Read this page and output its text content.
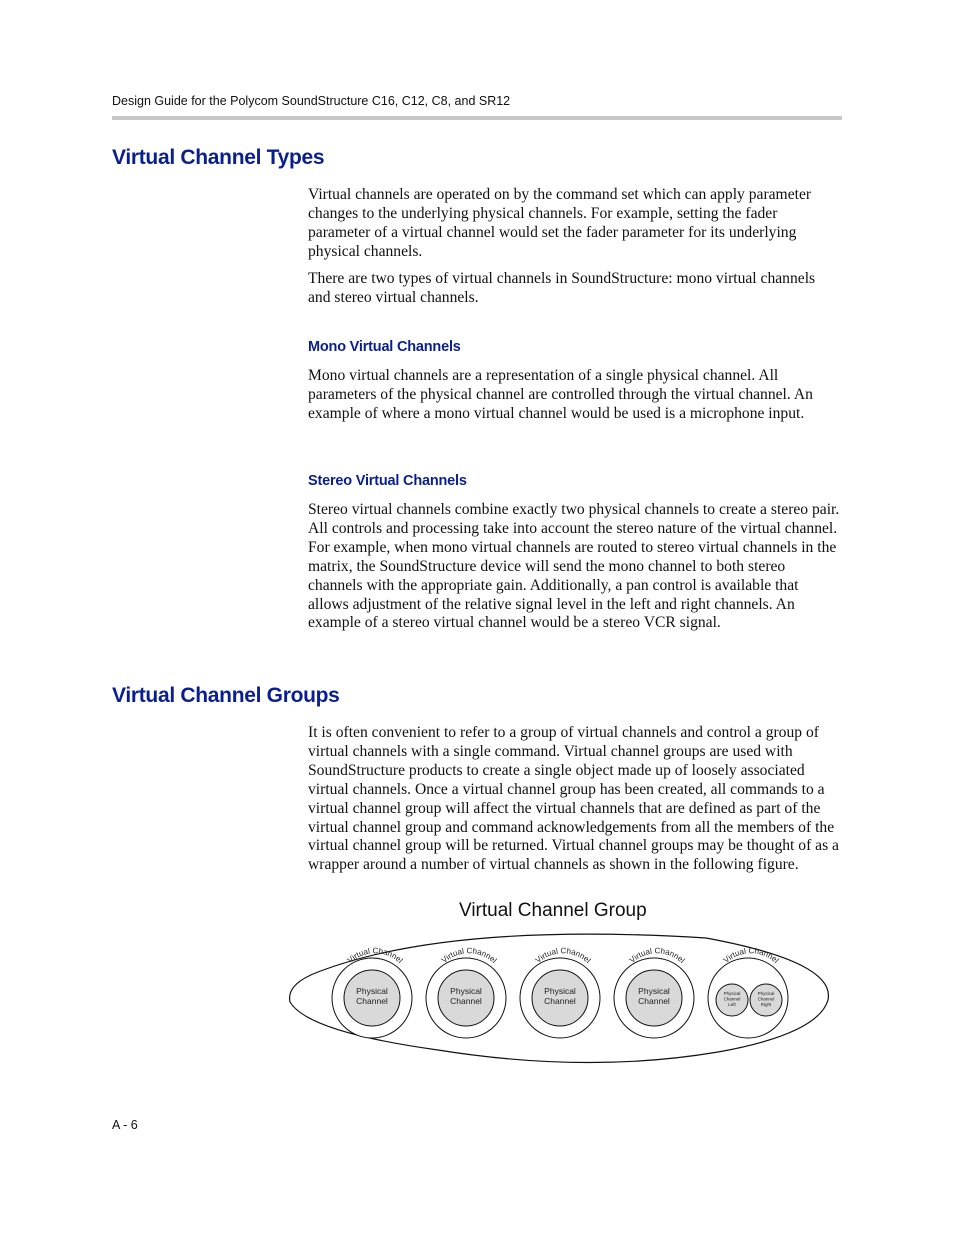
Design Guide for the Polycom SoundStructure C16, C12, C8, and SR12
Virtual Channel Types

Virtual channels are operated on by the command set which can apply parameter changes to the underlying physical channels. For example, setting the fader parameter of a virtual channel would set the fader parameter for its underlying physical channels.

There are two types of virtual channels in SoundStructure: mono virtual channels and stereo virtual channels.

Mono Virtual Channels

Mono virtual channels are a representation of a single physical channel. All parameters of the physical channel are controlled through the virtual channel. An example of where a mono virtual channel would be used is a microphone input.

Stereo Virtual Channels

Stereo virtual channels combine exactly two physical channels to create a stereo pair. All controls and processing take into account the stereo nature of the virtual channel. For example, when mono virtual channels are routed to stereo virtual channels in the matrix, the SoundStructure device will send the mono channel to both stereo channels with the appropriate gain. Additionally, a pan control is available that allows adjustment of the relative signal level in the left and right channels. An example of a stereo virtual channel would be a stereo VCR signal.

Virtual Channel Groups

It is often convenient to refer to a group of virtual channels and control a group of virtual channels with a single command. Virtual channel groups are used with SoundStructure products to create a single object made up of loosely associated virtual channels. Once a virtual channel group has been created, all commands to a virtual channel group will affect the virtual channels that are defined as part of the virtual channel group and command acknowledgements from all the members of the virtual channel group will be returned. Virtual channel groups may be thought of as a wrapper around a number of virtual channels as shown in the following figure.

Virtual Channel Group
Virtual Channel
Physical
Channel
Virtual Channel
Physical
Channel
Virtual Channel
Physical
Channel
Virtual Channel
Physical
Channel
Virtual Channel
Physical
Channel
Left
Physical
Channel
Right
A - 6
